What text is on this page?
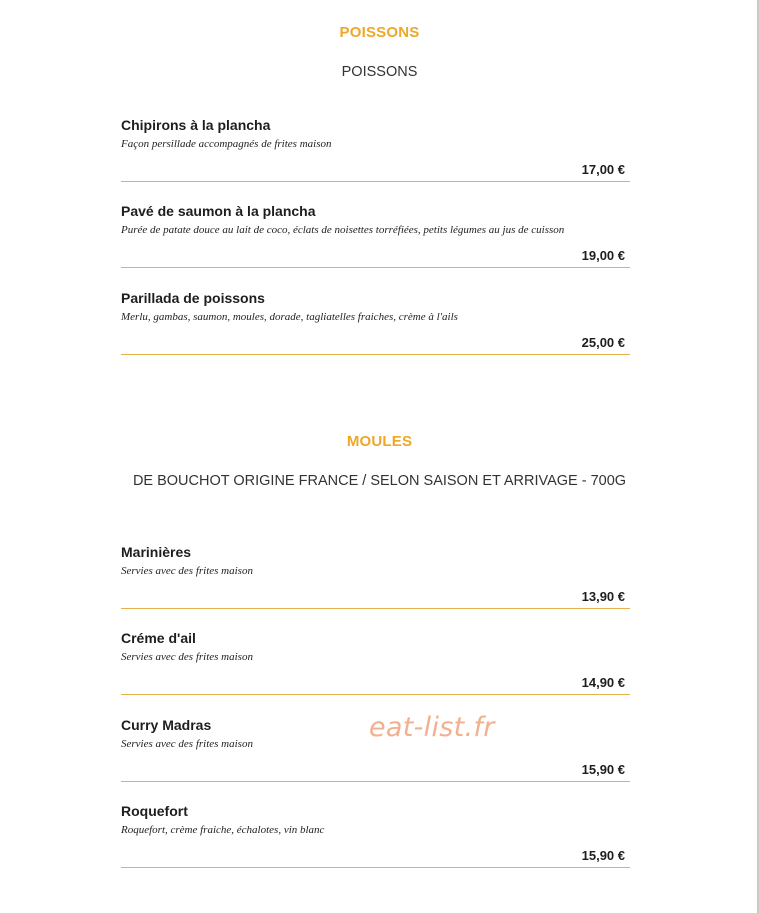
POISSONS

POISSONS

Chipirons à la plancha

Façon persillade accompagnés de frites maison

17,00 €

Pavé de saumon à la plancha

Purée de patate douce au lait de coco, éclats de noisettes torréfiées, petits légumes au jus de cuisson

19,00 €

Parillada de poissons

Merlu, gambas, saumon, moules, dorade, tagliatelles fraiches, crème à l'ails

25,00 €

MOULES

DE BOUCHOT ORIGINE FRANCE / SELON SAISON ET ARRIVAGE - 700G

Marinières

Servies avec des frites maison

13,90 €

Créme d'ail

Servies avec des frites maison

14,90 €

Curry Madras

Servies avec des frites maison

15,90 €

Roquefort

Roquefort, crème fraiche, échalotes, vin blanc

15,90 €

eat-list.fr
